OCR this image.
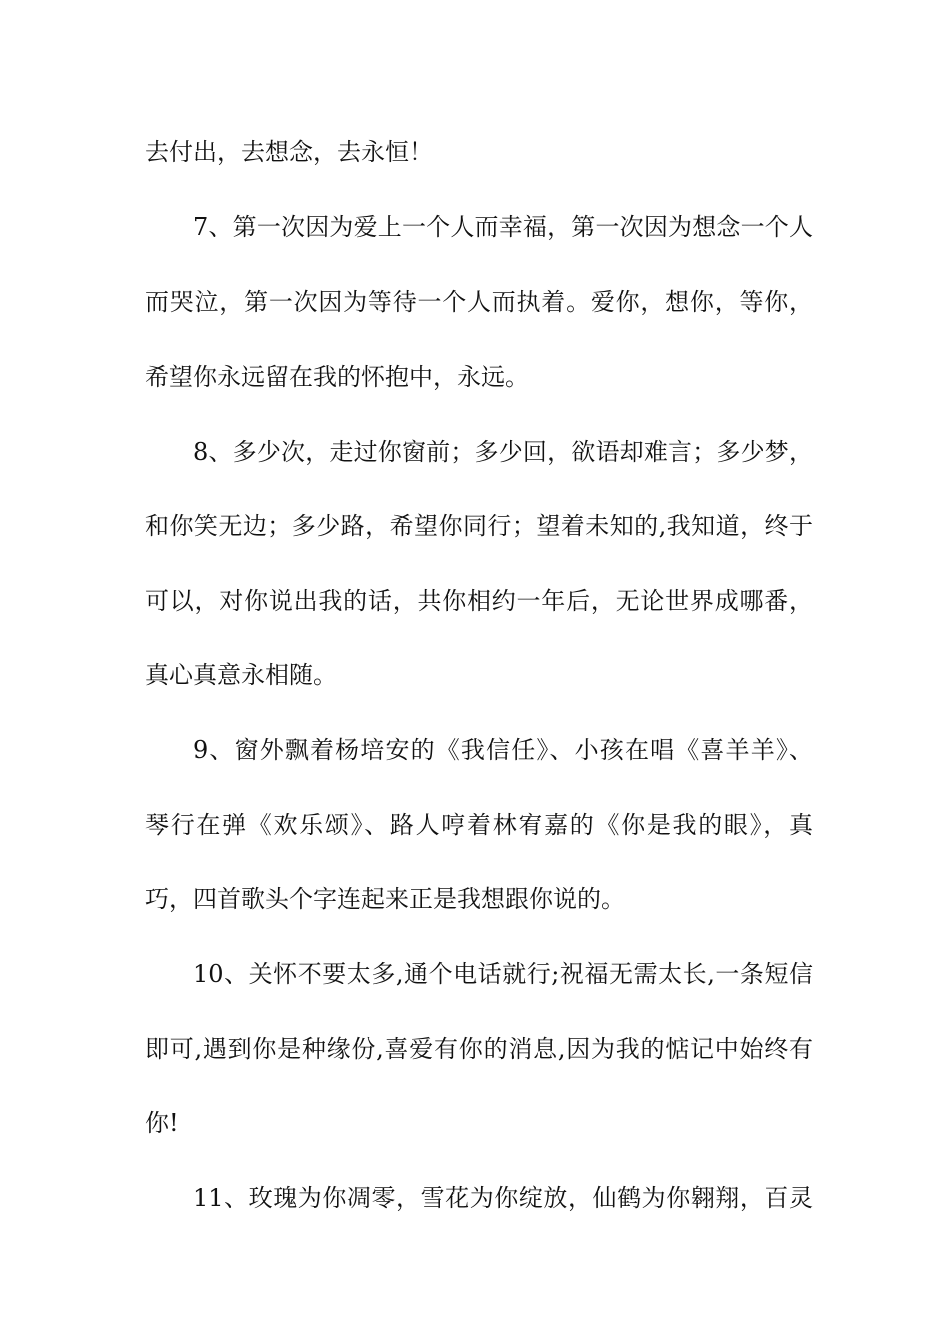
去付出，去想念，去永恒！

7、第一次因为爱上一个人而幸福，第一次因为想念一个人

而哭泣，第一次因为等待一个人而执着。爱你，想你，等你，

希望你永远留在我的怀抱中，永远。

8、多少次，走过你窗前；多少回，欲语却难言；多少梦，

和你笑无边；多少路，希望你同行；望着未知的,我知道，终于

可以，对你说出我的话，共你相约一年后，无论世界成哪番，

真心真意永相随。

9、窗外飘着杨培安的《我信任》、小孩在唱《喜羊羊》、

琴行在弹《欢乐颂》、路人哼着林宥嘉的《你是我的眼》，真

巧，四首歌头个字连起来正是我想跟你说的。

10、关怀不要太多,通个电话就行;祝福无需太长,一条短信

即可,遇到你是种缘份,喜爱有你的消息,因为我的惦记中始终有

你!

11、玫瑰为你凋零，雪花为你绽放，仙鹤为你翱翔，百灵
